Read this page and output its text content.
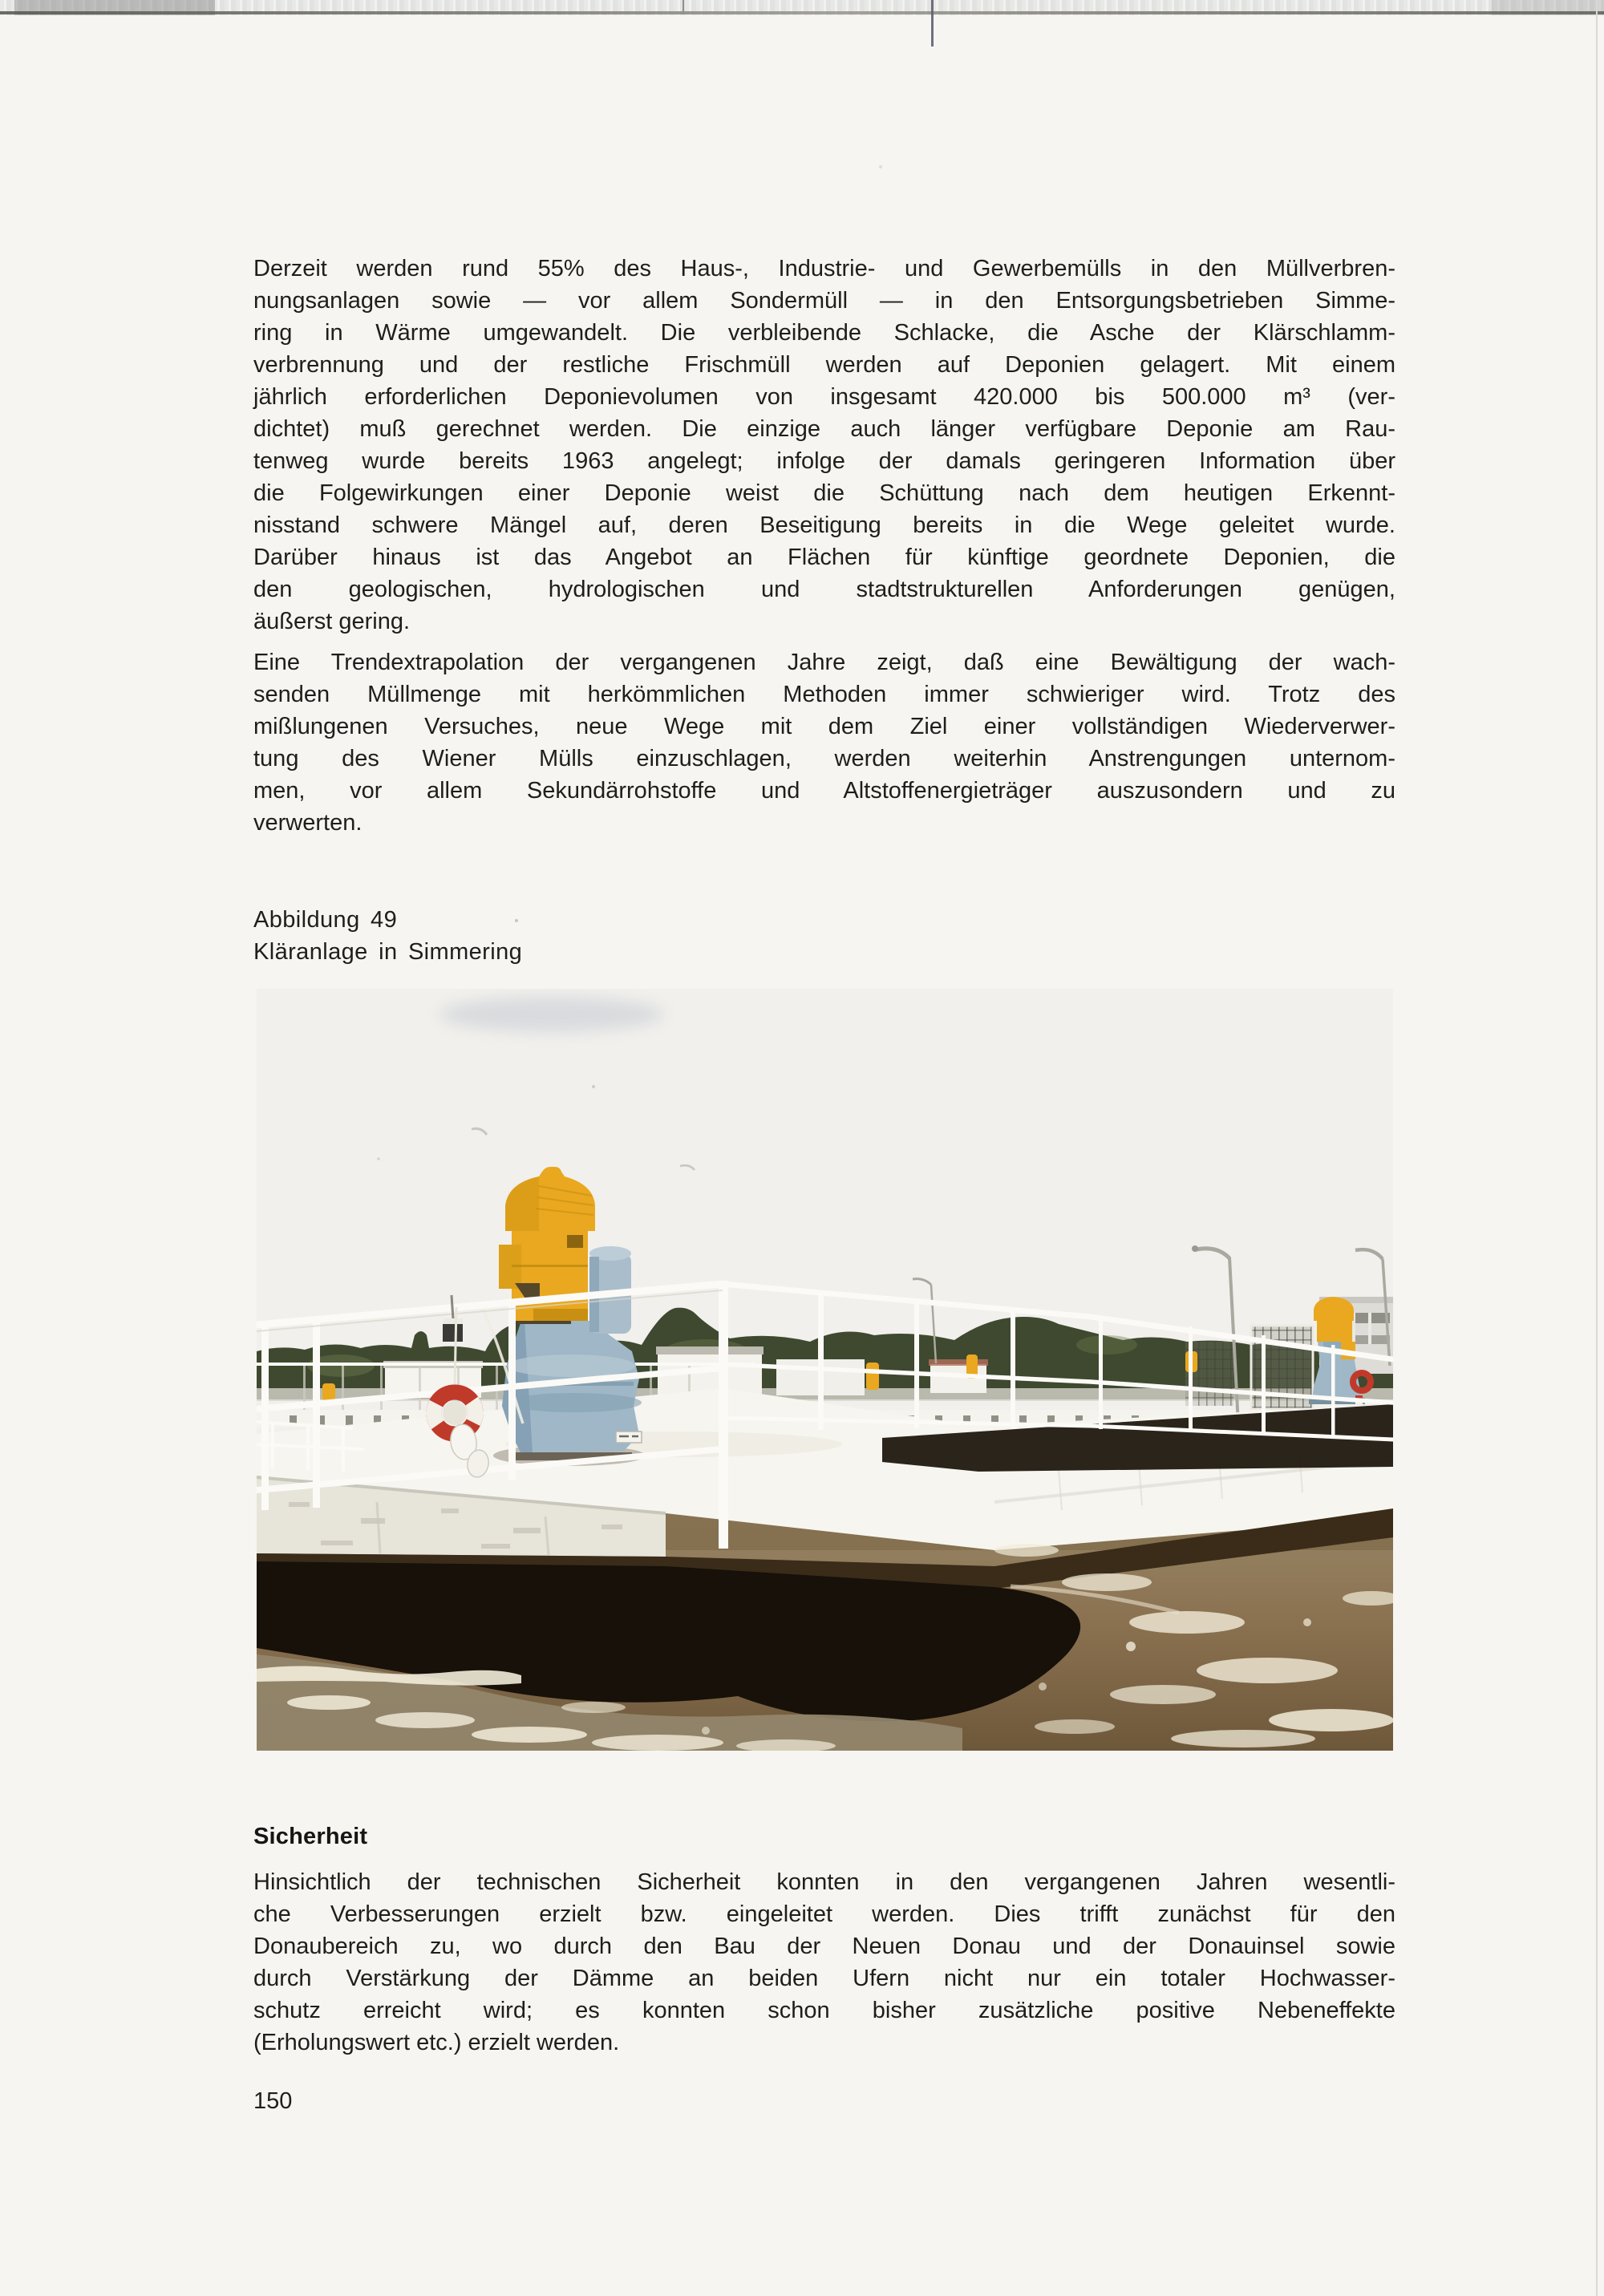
Derzeit werden rund 55% des Haus-, Industrie- und Gewerbemülls in den Müllverbren-
nungsanlagen sowie — vor allem Sondermüll — in den Entsorgungsbetrieben Simme-
ring in Wärme umgewandelt. Die verbleibende Schlacke, die Asche der Klärschlamm-
verbrennung und der restliche Frischmüll werden auf Deponien gelagert. Mit einem
jährlich erforderlichen Deponievolumen von insgesamt 420.000 bis 500.000 m³ (ver-
dichtet) muß gerechnet werden. Die einzige auch länger verfügbare Deponie am Rau-
tenweg wurde bereits 1963 angelegt; infolge der damals geringeren Information über
die Folgewirkungen einer Deponie weist die Schüttung nach dem heutigen Erkennt-
nisstand schwere Mängel auf, deren Beseitigung bereits in die Wege geleitet wurde.
Darüber hinaus ist das Angebot an Flächen für künftige geordnete Deponien, die
den geologischen, hydrologischen und stadtstrukturellen Anforderungen genügen,
äußerst gering.
Eine Trendextrapolation der vergangenen Jahre zeigt, daß eine Bewältigung der wach-
senden Müllmenge mit herkömmlichen Methoden immer schwieriger wird. Trotz des
mißlungenen Versuches, neue Wege mit dem Ziel einer vollständigen Wiederverwer-
tung des Wiener Mülls einzuschlagen, werden weiterhin Anstrengungen unternom-
men, vor allem Sekundärrohstoffe und Altstoffenergieträger auszusondern und zu
verwerten.
Abbildung 49
Kläranlage in Simmering
Sicherheit
Hinsichtlich der technischen Sicherheit konnten in den vergangenen Jahren wesentli-
che Verbesserungen erzielt bzw. eingeleitet werden. Dies trifft zunächst für den
Donaubereich zu, wo durch den Bau der Neuen Donau und der Donauinsel sowie
durch Verstärkung der Dämme an beiden Ufern nicht nur ein totaler Hochwasser-
schutz erreicht wird; es konnten schon bisher zusätzliche positive Nebeneffekte
(Erholungswert etc.) erzielt werden.
150
